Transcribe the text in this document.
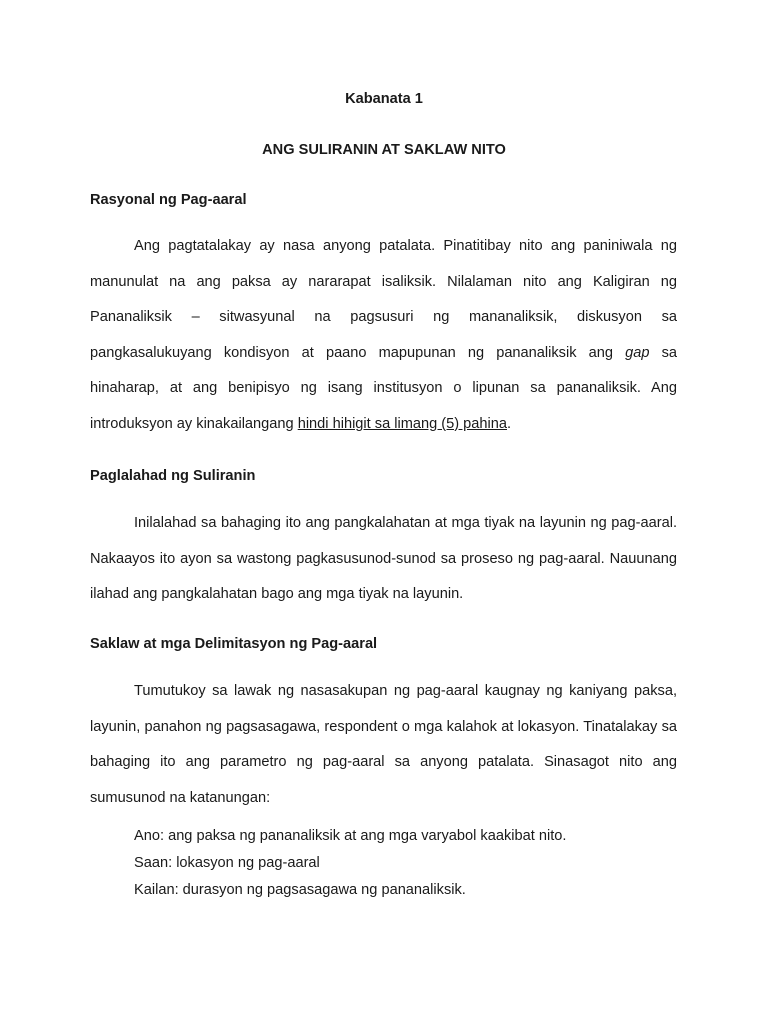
Kabanata 1

ANG SULIRANIN AT SAKLAW NITO

Rasyonal ng Pag-aaral

Ang pagtatalakay ay nasa anyong patalata. Pinatitibay nito ang paniniwala ng manunulat na ang paksa ay nararapat isaliksik. Nilalaman nito ang Kaligiran ng Pananaliksik – sitwasyunal na pagsusuri ng mananaliksik, diskusyon sa pangkasalukuyang kondisyon at paano mapupunan ng pananaliksik ang gap sa hinaharap, at ang benipisyo ng isang institusyon o lipunan sa pananaliksik. Ang introduksyon ay kinakailangang hindi hihigit sa limang (5) pahina.

Paglalahad ng Suliranin

Inilalahad sa bahaging ito ang pangkalahatan at mga tiyak na layunin ng pag-aaral. Nakaayos ito ayon sa wastong pagkasusunod-sunod sa proseso ng pag-aaral. Nauunang ilahad ang pangkalahatan bago ang mga tiyak na layunin.

Saklaw at mga Delimitasyon ng Pag-aaral

Tumutukoy sa lawak ng nasasakupan ng pag-aaral kaugnay ng kaniyang paksa, layunin, panahon ng pagsasagawa, respondent o mga kalahok at lokasyon. Tinatalakay sa bahaging ito ang parametro ng pag-aaral sa anyong patalata. Sinasagot nito ang sumusunod na katanungan:

Ano: ang paksa ng pananaliksik at ang mga varyabol kaakibat nito.
Saan: lokasyon ng pag-aaral
Kailan: durasyon ng pagsasagawa ng pananaliksik.
